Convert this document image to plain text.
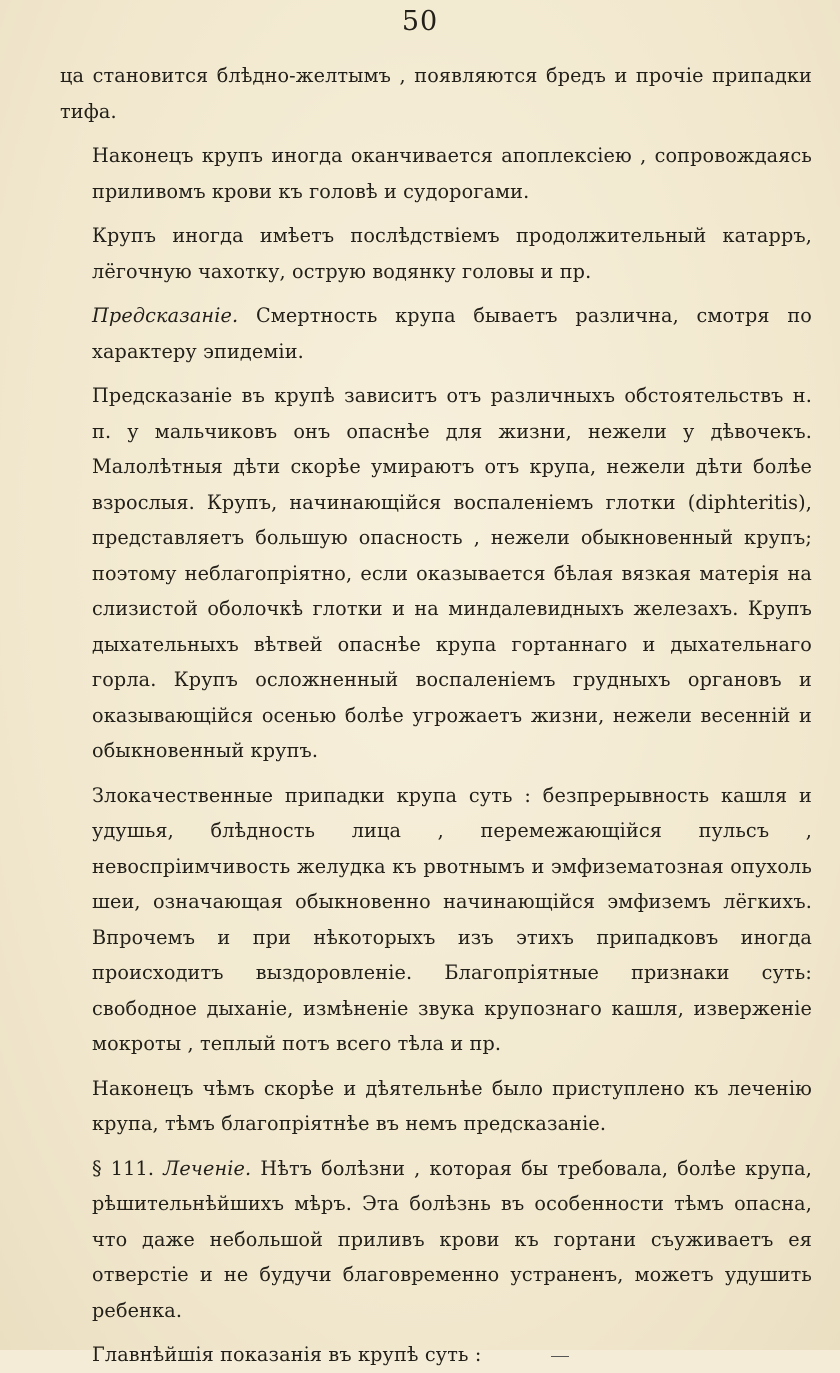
50

ца становится блѣдно-желтымъ , появляются бредъ и прочіе припадки тифа.

Наконецъ крупъ иногда оканчивается апоплексіею , сопровождаясь приливомъ крови къ головѣ и судорогами.

Крупъ иногда имѣетъ послѣдствіемъ продолжительный катарръ, лёгочную чахотку, острую водянку головы и пр.

Предсказаніе. Смертность крупа бываетъ различна, смотря по характеру эпидеміи.

Предсказаніе въ крупѣ зависитъ отъ различныхъ обстоятельствъ н. п. у мальчиковъ онъ опаснѣе для жизни, нежели у дѣвочекъ. Малолѣтныя дѣти скорѣе умираютъ отъ крупа, нежели дѣти болѣе взрослыя. Крупъ, начинающійся воспаленіемъ глотки (diphteritis), представляетъ большую опасность , нежели обыкновенный крупъ; поэтому неблагопріятно, если оказывается бѣлая вязкая матерія на слизистой оболочкѣ глотки и на миндалевидныхъ железахъ. Крупъ дыхательныхъ вѣтвей опаснѣе крупа гортаннаго и дыхательнаго горла. Крупъ осложненный воспаленіемъ грудныхъ органовъ и оказывающійся осенью болѣе угрожаетъ жизни, нежели весенній и обыкновенный крупъ.

Злокачественные припадки крупа суть : безпрерывность кашля и удушья, блѣдность лица , перемежающійся пульсъ , невоспріимчивость желудка къ рвотнымъ и эмфизематозная опухоль шеи, означающая обыкновенно начинающійся эмфиземъ лёгкихъ. Впрочемъ и при нѣкоторыхъ изъ этихъ припадковъ иногда происходитъ выздоровленіе. Благопріятные признаки суть: свободное дыханіе, измѣненіе звука крупознаго кашля, изверженіе мокроты , теплый потъ всего тѣла и пр.

Наконецъ чѣмъ скорѣе и дѣятельнѣе было приступлено къ леченію крупа, тѣмъ благопріятнѣе въ немъ предсказаніе.

§ 111. Леченіе. Нѣтъ болѣзни , которая бы требовала, болѣе крупа, рѣшительнѣйшихъ мѣръ. Эта болѣзнь въ особенности тѣмъ опасна, что даже небольшой приливъ крови къ гортани съуживаетъ ея отверстіе и не будучи благовременно устраненъ, можетъ удушить ребенка.

Главнѣйшія показанія въ крупѣ суть :
